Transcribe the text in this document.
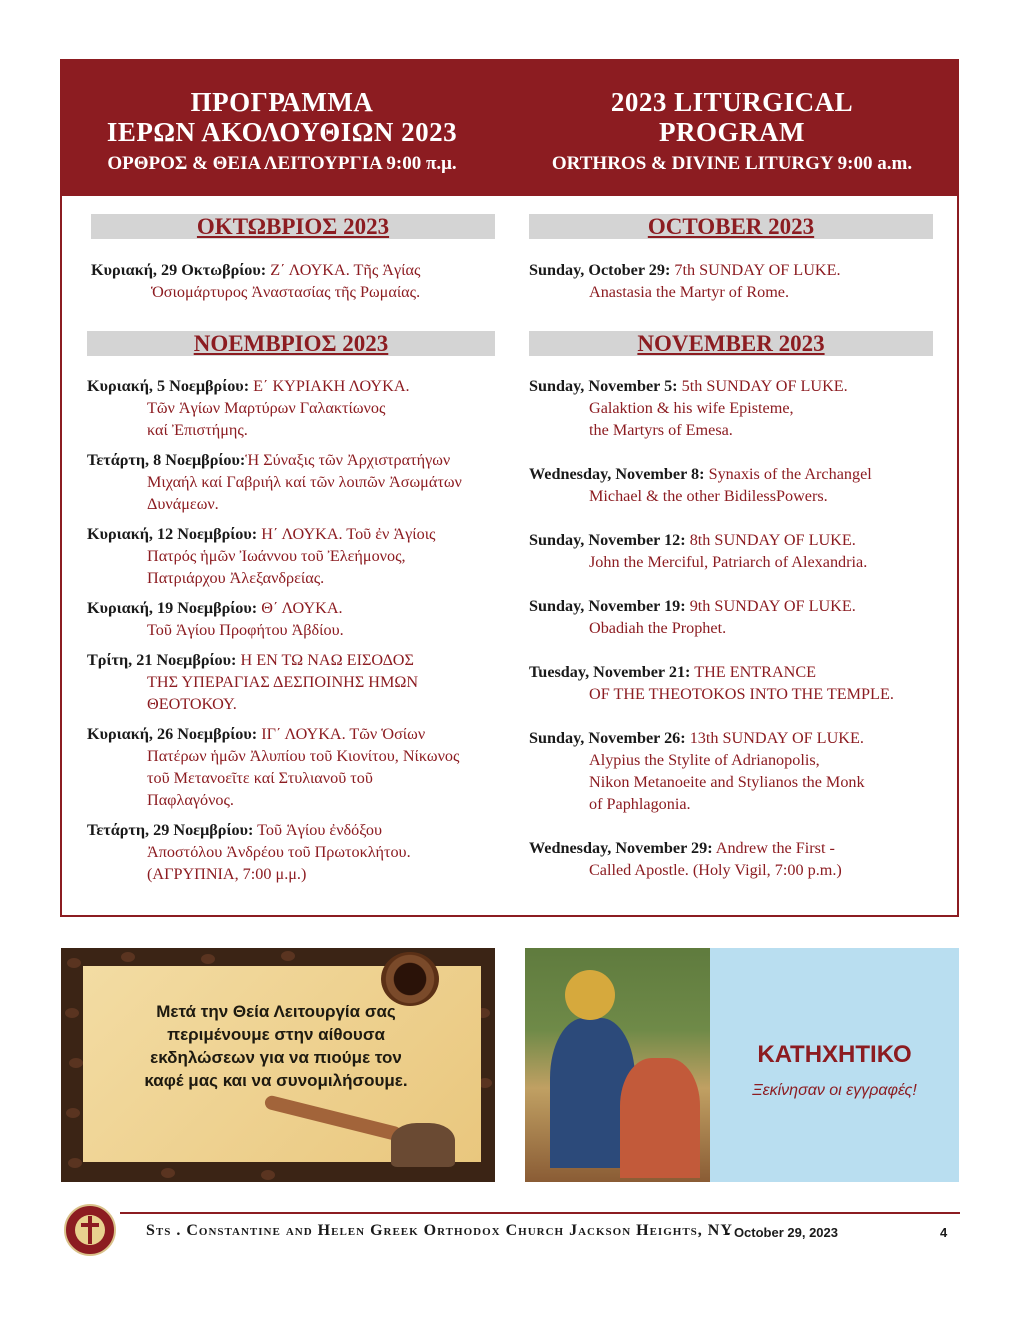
ΠΡΟΓΡΑΜΜΑ
ΙΕΡΩΝ ΑΚΟΛΟΥΘΙΩΝ 2023
ΟΡΘΡΟΣ & ΘΕΙΑ ΛΕΙΤΟΥΡΓΙΑ 9:00 π.μ.
2023 LITURGICAL
PROGRAM
ORTHROS & DIVINE LITURGY 9:00 a.m.
ΟΚΤΩΒΡΙΟΣ 2023	OCTOBER 2023
Κυριακή, 29 Οκτωβρίου: Ζ΄ ΛΟΥΚΑ. Τῆς Ἁγίας
Ὁσιομάρτυρος Ἀναστασίας τῆς Ρωμαίας.
Sunday, October 29: 7th SUNDAY OF LUKE.
Anastasia the Martyr of Rome.
ΝΟΕΜΒΡΙΟΣ 2023	NOVEMBER 2023
Κυριακή, 5 Νοεμβρίου: Ε΄ ΚΥΡΙΑΚΗ ΛΟΥΚΑ.
Τῶν Ἁγίων Μαρτύρων Γαλακτίωνος
καί Ἐπιστήμης.
Τετάρτη, 8 Νοεμβρίου:Ἡ Σύναξις τῶν Ἀρχιστρατήγων
Μιχαήλ καί Γαβριήλ καί τῶν λοιπῶν Ἀσωμάτων
Δυνάμεων.
Κυριακή, 12 Νοεμβρίου: Η΄ ΛΟΥΚΑ. Τοῦ ἐν Ἁγίοις
Πατρός ἡμῶν Ἰωάννου τοῦ Ἐλεήμονος,
Πατριάρχου Ἀλεξανδρείας.
Κυριακή, 19 Νοεμβρίου: Θ΄ ΛΟΥΚΑ.
Τοῦ Ἁγίου Προφήτου Ἀβδίου.
Τρίτη, 21 Νοεμβρίου: Η ΕΝ ΤΩ ΝΑΩ ΕΙΣΟΔΟΣ
ΤΗΣ ΥΠΕΡΑΓΙΑΣ ΔΕΣΠΟΙΝΗΣ ΗΜΩΝ
ΘΕΟΤΟΚΟΥ.
Κυριακή, 26 Νοεμβρίου: ΙΓ΄ ΛΟΥΚΑ. Τῶν Ὁσίων
Πατέρων ἡμῶν Ἀλυπίου τοῦ Κιονίτου, Νίκωνος
τοῦ Μετανοεῖτε καί Στυλιανοῦ τοῦ
Παφλαγόνος.
Τετάρτη, 29 Νοεμβρίου: Τοῦ Ἁγίου ἐνδόξου
Ἀποστόλου Ἀνδρέου τοῦ Πρωτοκλήτου.
(ΑΓΡΥΠΝΙΑ, 7:00 μ.μ.)
Sunday, November 5: 5th SUNDAY OF LUKE.
Galaktion & his wife Episteme,
the Martyrs of Emesa.
Wednesday, November 8: Synaxis of the Archangel
Michael & the other BidilessPowers.
Sunday, November 12: 8th SUNDAY OF LUKE.
John the Merciful, Patriarch of Alexandria.
Sunday, November 19: 9th SUNDAY OF LUKE.
Obadiah the Prophet.
Tuesday, November 21: THE ENTRANCE
OF THE THEOTOKOS INTO THE TEMPLE.
Sunday, November 26: 13th SUNDAY OF LUKE.
Alypius the Stylite of Adrianopolis,
Nikon Metanoeite and Stylianos the Monk
of Paphlagonia.
Wednesday, November 29: Andrew the First -
Called Apostle. (Holy Vigil, 7:00 p.m.)
Μετά την Θεία Λειτουργία σας περιμένουμε στην αίθουσα εκδηλώσεων για να πιούμε τον καφέ μας και να συνομιλήσουμε.
ΚΑΤΗΧΗΤΙΚΟ
Ξεκίνησαν οι εγγραφές!
Sts . Constantine and Helen Greek Orthodox Church Jackson Heights, NY
- October 29, 2023	4
